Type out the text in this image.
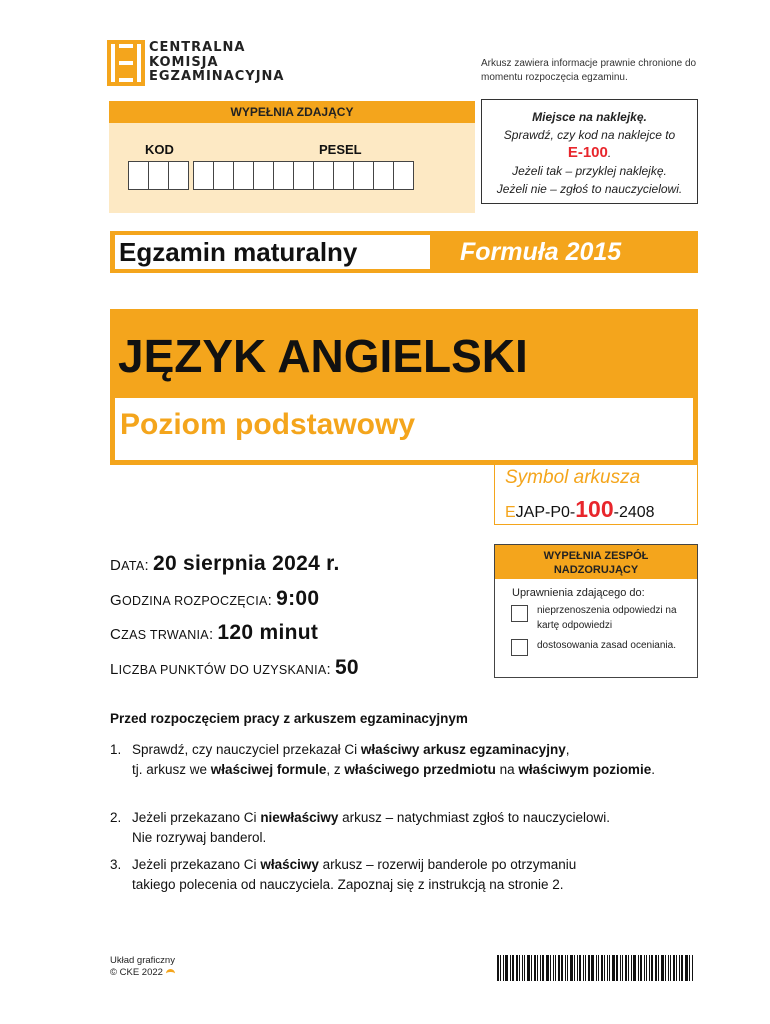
CENTRALNA
KOMISJA
EGZAMINACYJNA
Arkusz zawiera informacje prawnie chronione do momentu rozpoczęcia egzaminu.
WYPEŁNIA ZDAJĄCY
KOD	PESEL
Miejsce na naklejkę.
Sprawdź, czy kod na naklejce to
E-100.
Jeżeli tak – przyklej naklejkę.
Jeżeli nie – zgłoś to nauczycielowi.
Egzamin maturalny	Formuła 2015
JĘZYK ANGIELSKI
Poziom podstawowy
Symbol arkusza
EJAP-P0-100-2408
DATA: 20 sierpnia 2024 r.
GODZINA ROZPOCZĘCIA: 9:00
CZAS TRWANIA: 120 minut
LICZBA PUNKTÓW DO UZYSKANIA: 50
WYPEŁNIA ZESPÓŁ
NADZORUJĄCY
Uprawnienia zdającego do:
nieprzenoszenia odpowiedzi na kartę odpowiedzi
dostosowania zasad oceniania.
Przed rozpoczęciem pracy z arkuszem egzaminacyjnym
1. Sprawdź, czy nauczyciel przekazał Ci właściwy arkusz egzaminacyjny,
tj. arkusz we właściwej formule, z właściwego przedmiotu na właściwym poziomie.
2. Jeżeli przekazano Ci niewłaściwy arkusz – natychmiast zgłoś to nauczycielowi.
Nie rozrywaj banderol.
3. Jeżeli przekazano Ci właściwy arkusz – rozerwij banderole po otrzymaniu
takiego polecenia od nauczyciela. Zapoznaj się z instrukcją na stronie 2.
Układ graficzny
© CKE 2022
